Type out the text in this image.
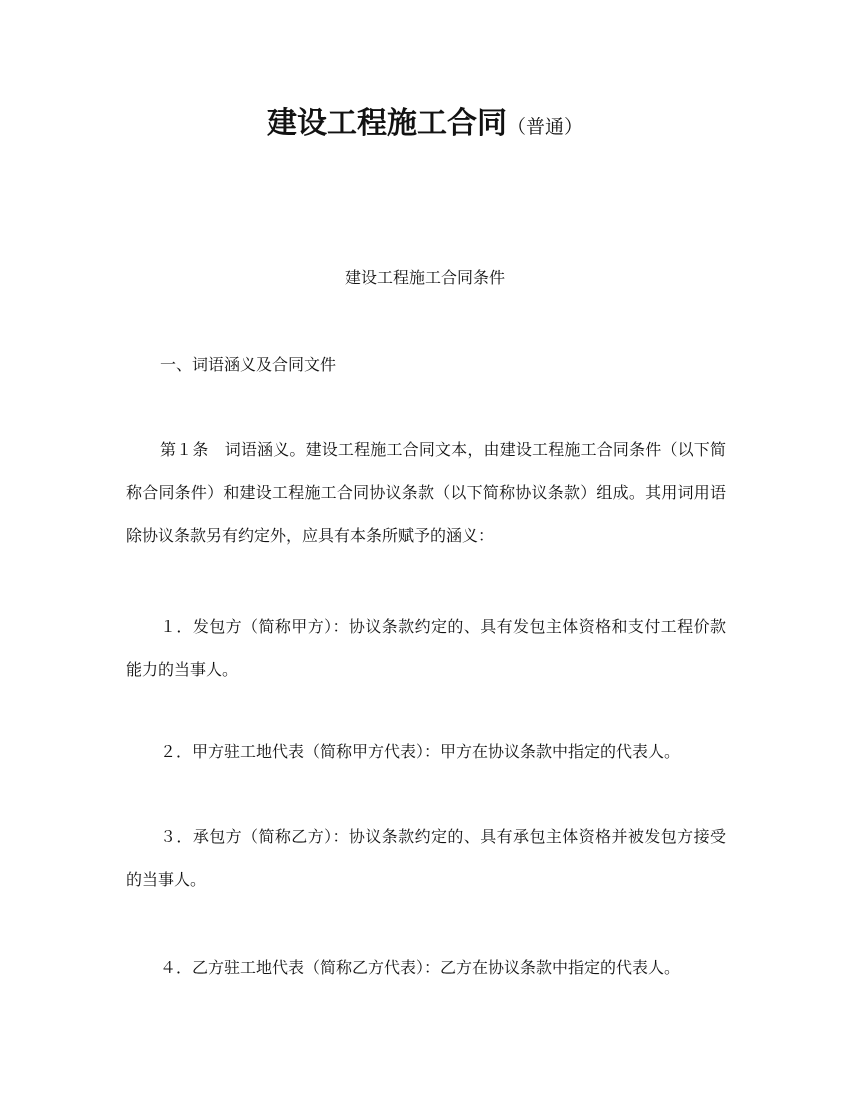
建设工程施工合同（普通）
建设工程施工合同条件
一、词语涵义及合同文件

第１条　词语涵义。建设工程施工合同文本，由建设工程施工合同条件（以下简称合同条件）和建设工程施工合同协议条款（以下简称协议条款）组成。其用词用语除协议条款另有约定外，应具有本条所赋予的涵义：

１．发包方（简称甲方）：协议条款约定的、具有发包主体资格和支付工程价款能力的当事人。

２．甲方驻工地代表（简称甲方代表）：甲方在协议条款中指定的代表人。

３．承包方（简称乙方）：协议条款约定的、具有承包主体资格并被发包方接受的当事人。

４．乙方驻工地代表（简称乙方代表）：乙方在协议条款中指定的代表人。
